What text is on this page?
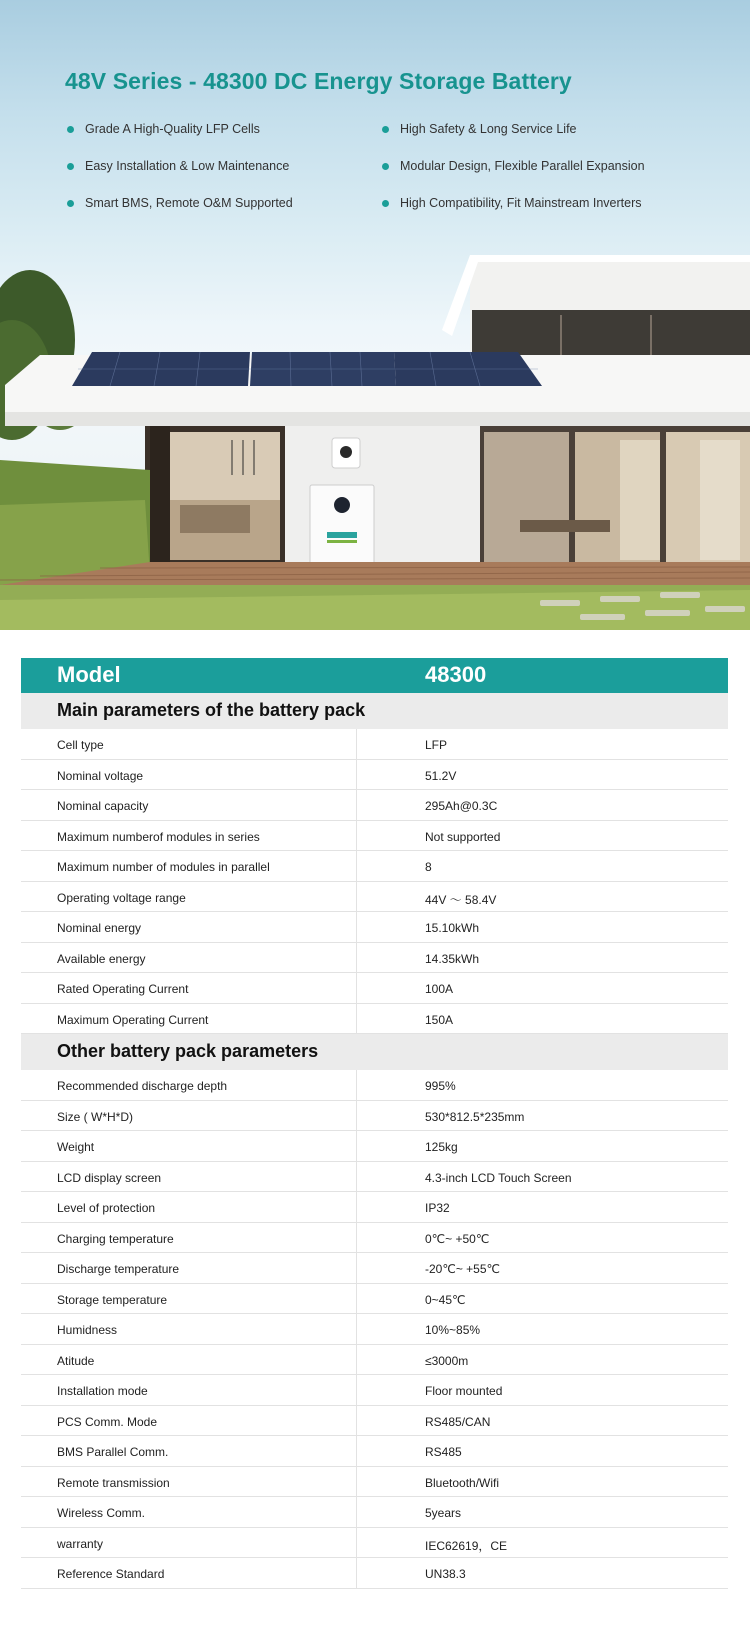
48V Series - 48300 DC Energy Storage Battery
Grade A High-Quality LFP Cells
Easy Installation & Low Maintenance
Smart BMS, Remote O&M Supported
High Safety & Long Service Life
Modular Design, Flexible Parallel Expansion
High Compatibility, Fit Mainstream Inverters
Model	48300
Main parameters of the battery pack
Cell type	LFP
Nominal voltage	51.2V
Nominal capacity	295Ah@0.3C
Maximum numberof modules in series	Not supported
Maximum number of modules in parallel	8
Operating voltage range	44V ～ 58.4V
Nominal energy	15.10kWh
Available energy	14.35kWh
Rated Operating Current	100A
Maximum Operating Current	150A
Other battery pack parameters
Recommended discharge depth	995%
Size ( W*H*D)	530*812.5*235mm
Weight	125kg
LCD display screen	4.3-inch LCD Touch Screen
Level of protection	IP32
Charging temperature	0℃~ +50℃
Discharge temperature	-20℃~ +55℃
Storage temperature	0~45℃
Humidness	10%~85%
Atitude	≤3000m
Installation mode	Floor mounted
PCS Comm. Mode	RS485/CAN
BMS Parallel Comm.	RS485
Remote transmission	Bluetooth/Wifi
Wireless Comm.	5years
warranty	IEC62619，CE
Reference Standard	UN38.3
